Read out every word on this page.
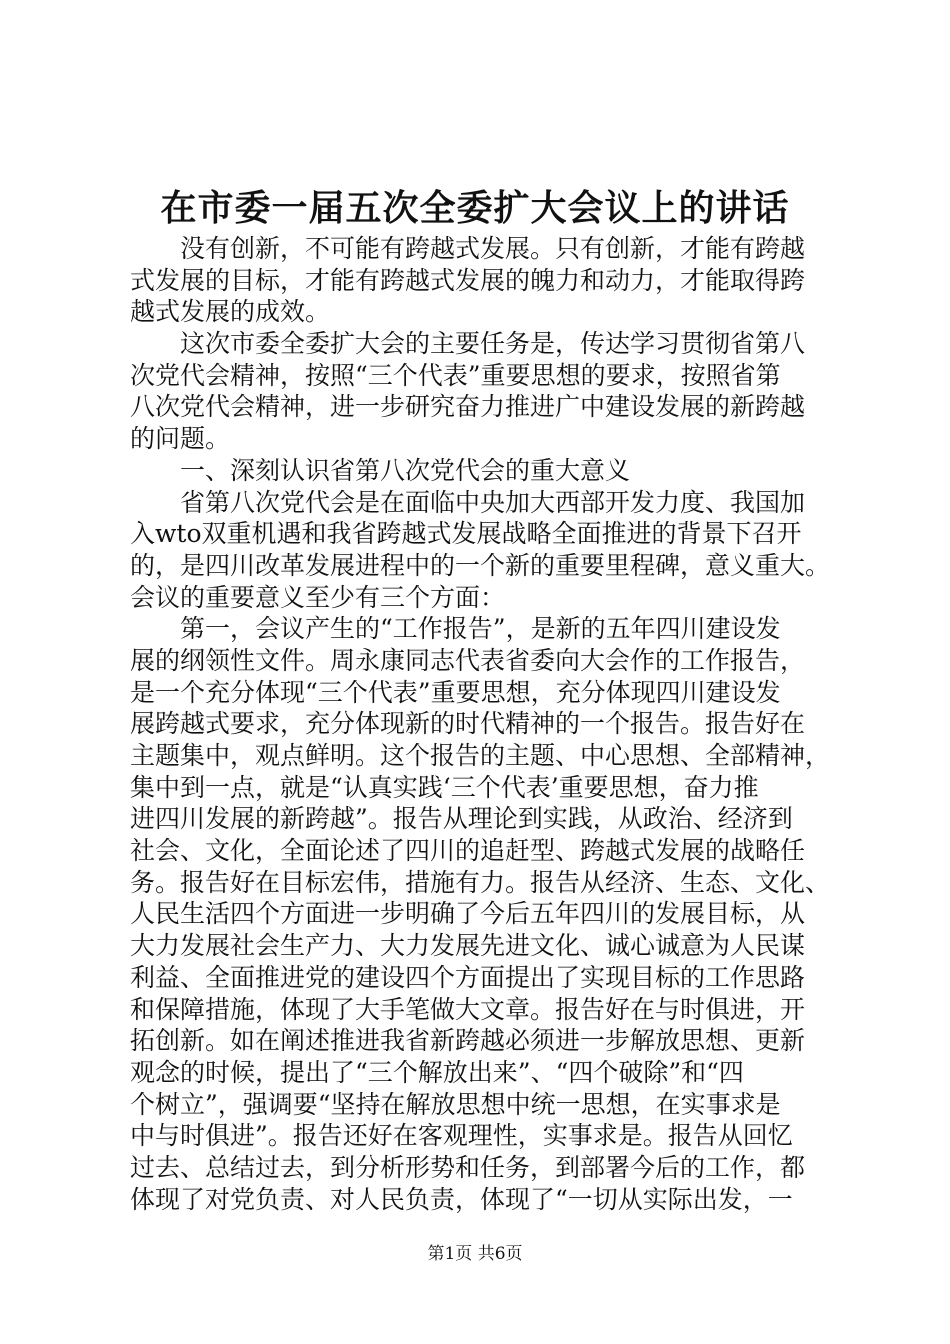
在市委一届五次全委扩大会议上的讲话
没有创新，不可能有跨越式发展。只有创新，才能有跨越
式发展的目标，才能有跨越式发展的魄力和动力，才能取得跨
越式发展的成效。
这次市委全委扩大会的主要任务是，传达学习贯彻省第八
次党代会精神，按照“三个代表”重要思想的要求，按照省第
八次党代会精神，进一步研究奋力推进广中建设发展的新跨越
的问题。
一、深刻认识省第八次党代会的重大意义
省第八次党代会是在面临中央加大西部开发力度、我国加
入wto双重机遇和我省跨越式发展战略全面推进的背景下召开
的，是四川改革发展进程中的一个新的重要里程碑，意义重大。
会议的重要意义至少有三个方面：
第一，会议产生的“工作报告”，是新的五年四川建设发
展的纲领性文件。周永康同志代表省委向大会作的工作报告，
是一个充分体现“三个代表”重要思想，充分体现四川建设发
展跨越式要求，充分体现新的时代精神的一个报告。报告好在
主题集中，观点鲜明。这个报告的主题、中心思想、全部精神，
集中到一点，就是“认真实践‘三个代表’重要思想，奋力推
进四川发展的新跨越”。报告从理论到实践，从政治、经济到
社会、文化，全面论述了四川的追赶型、跨越式发展的战略任
务。报告好在目标宏伟，措施有力。报告从经济、生态、文化、
人民生活四个方面进一步明确了今后五年四川的发展目标，从
大力发展社会生产力、大力发展先进文化、诚心诚意为人民谋
利益、全面推进党的建设四个方面提出了实现目标的工作思路
和保障措施，体现了大手笔做大文章。报告好在与时俱进，开
拓创新。如在阐述推进我省新跨越必须进一步解放思想、更新
观念的时候，提出了“三个解放出来”、“四个破除”和“四
个树立”，强调要“坚持在解放思想中统一思想，在实事求是
中与时俱进”。报告还好在客观理性，实事求是。报告从回忆
过去、总结过去，到分析形势和任务，到部署今后的工作，都
体现了对党负责、对人民负责，体现了“一切从实际出发，一
第1页 共6页
